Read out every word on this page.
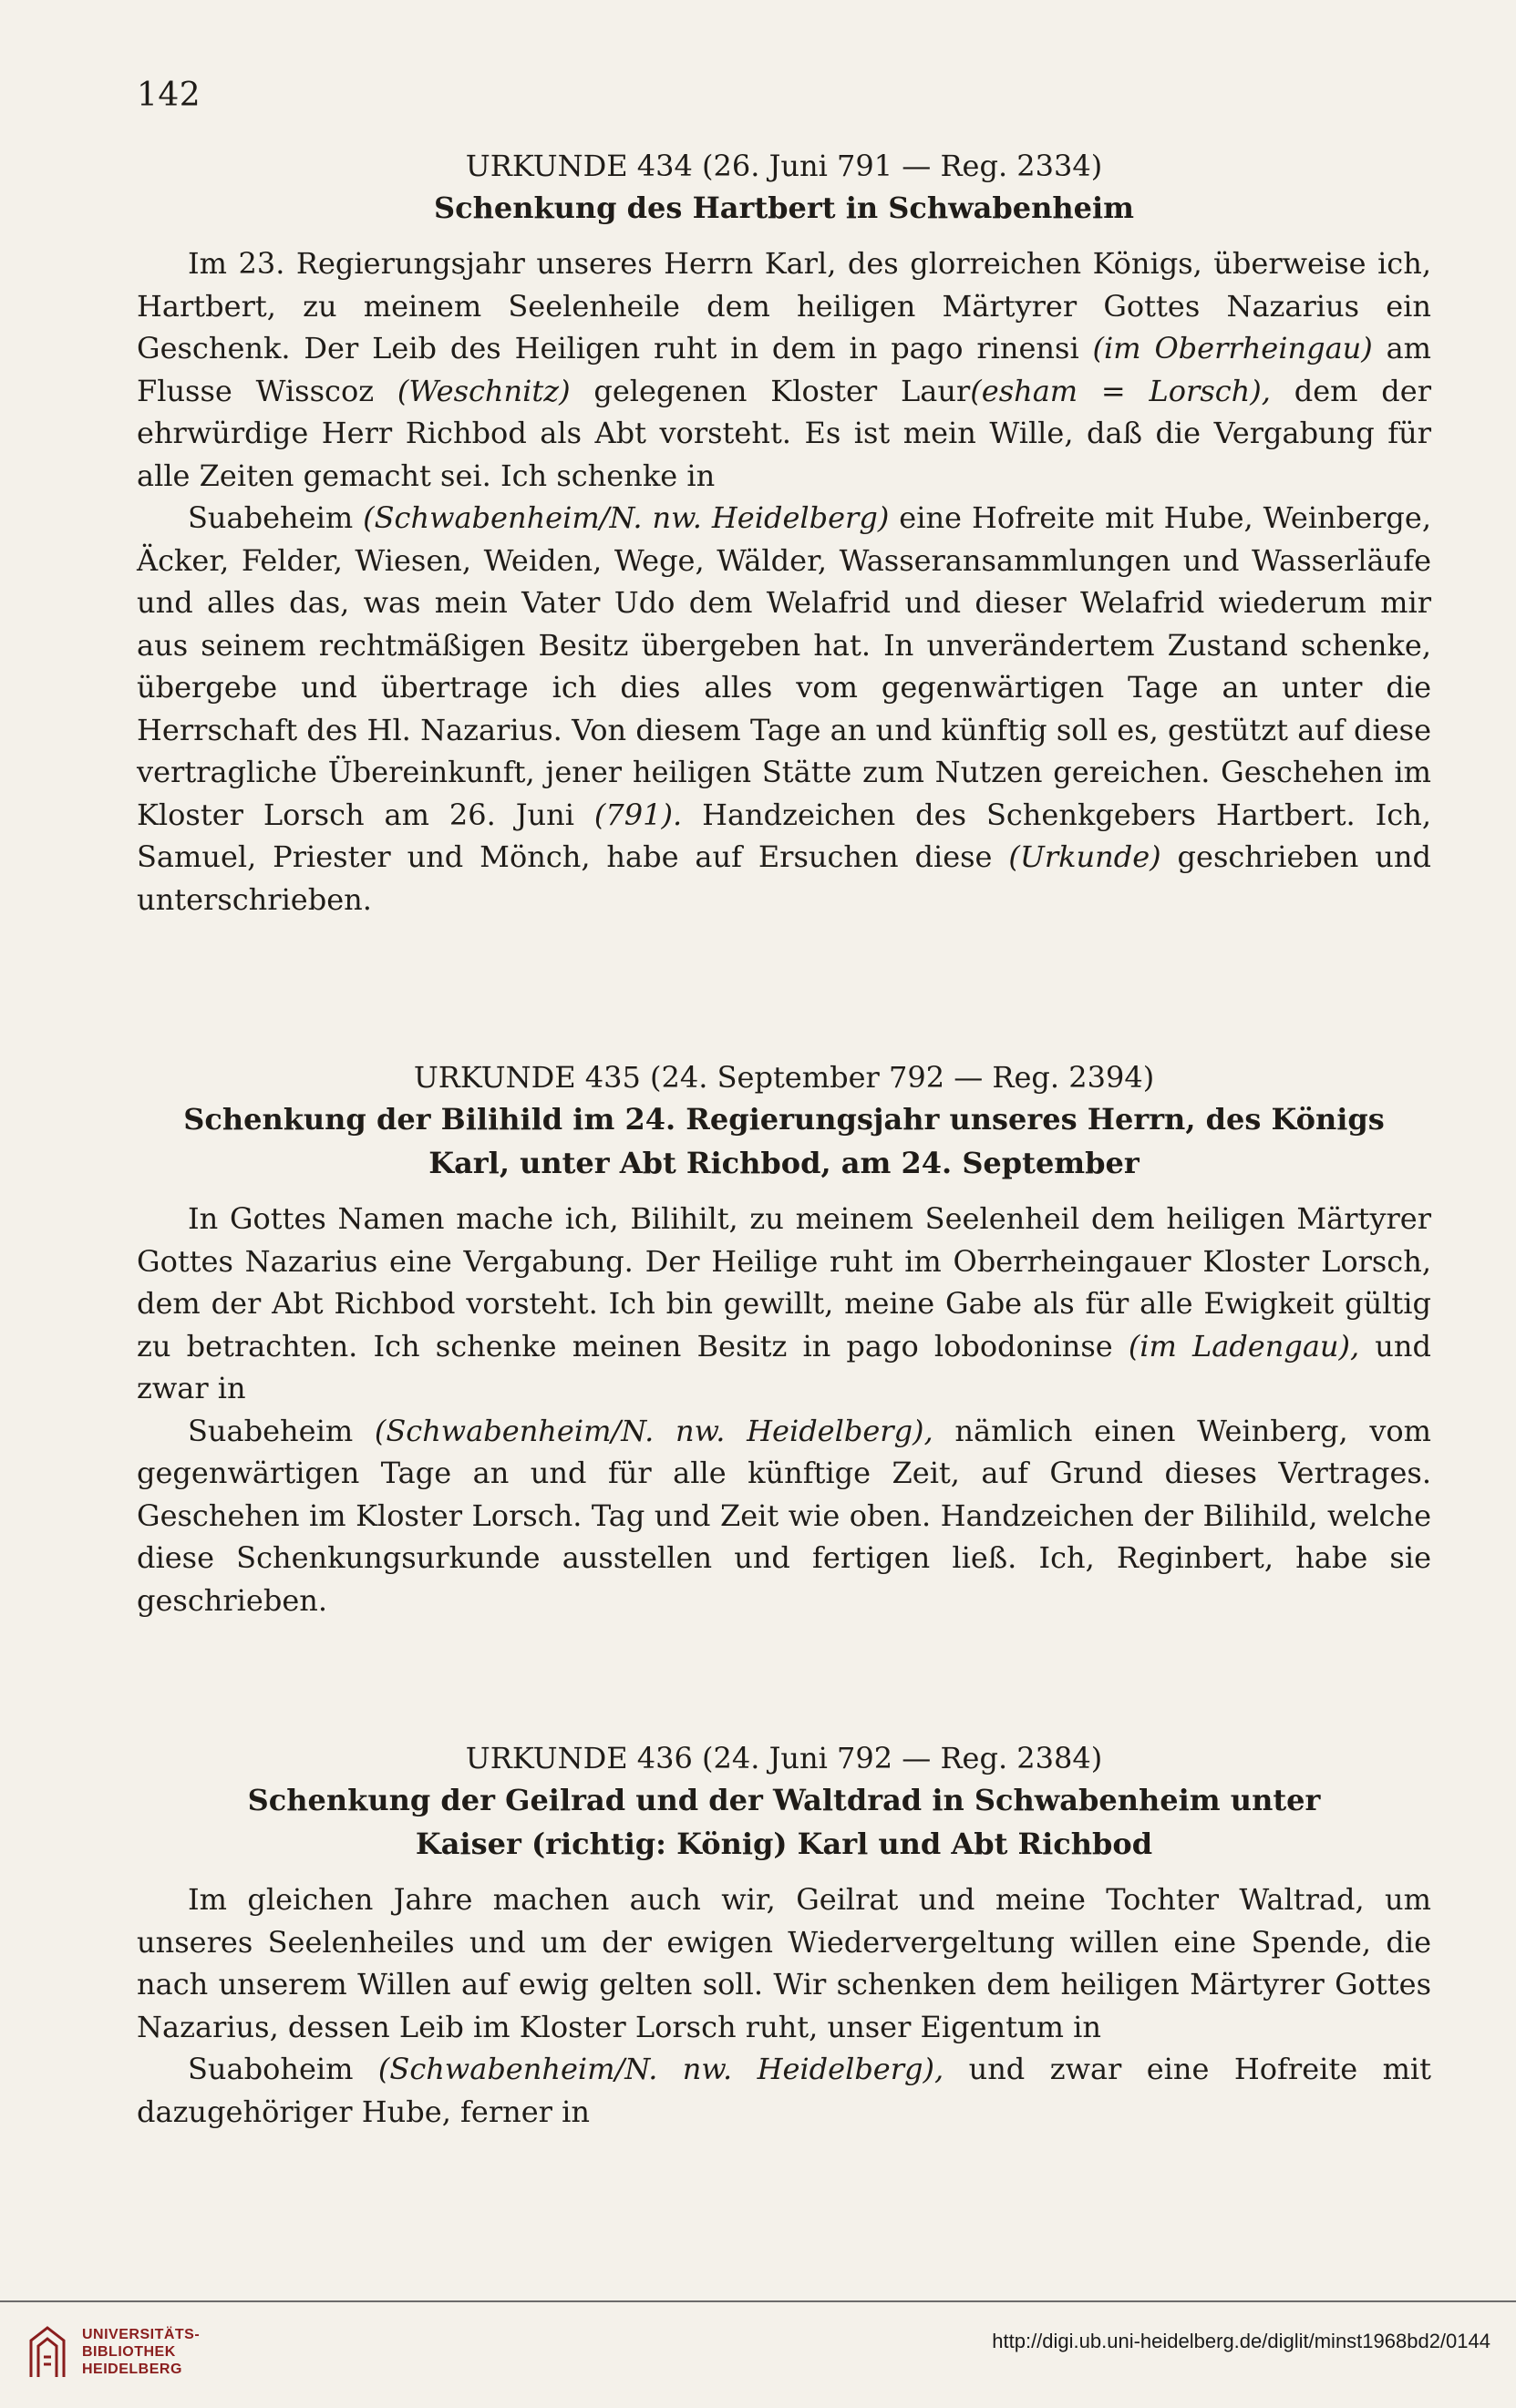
142

URKUNDE 434 (26. Juni 791 — Reg. 2334)

Schenkung des Hartbert in Schwabenheim

Im 23. Regierungsjahr unseres Herrn Karl, des glorreichen Königs, überweise ich, Hartbert, zu meinem Seelenheile dem heiligen Märtyrer Gottes Nazarius ein Geschenk. Der Leib des Heiligen ruht in dem in pago rinensi (im Oberrheingau) am Flusse Wisscoz (Weschnitz) gelegenen Kloster Laur(esham = Lorsch), dem der ehrwürdige Herr Richbod als Abt vorsteht. Es ist mein Wille, daß die Vergabung für alle Zeiten gemacht sei. Ich schenke in

Suabeheim (Schwabenheim/N. nw. Heidelberg) eine Hofreite mit Hube, Weinberge, Äcker, Felder, Wiesen, Weiden, Wege, Wälder, Wasseransammlungen und Wasserläufe und alles das, was mein Vater Udo dem Welafrid und dieser Welafrid wiederum mir aus seinem rechtmäßigen Besitz übergeben hat. In unverändertem Zustand schenke, übergebe und übertrage ich dies alles vom gegenwärtigen Tage an unter die Herrschaft des Hl. Nazarius. Von diesem Tage an und künftig soll es, gestützt auf diese vertragliche Übereinkunft, jener heiligen Stätte zum Nutzen gereichen. Geschehen im Kloster Lorsch am 26. Juni (791). Handzeichen des Schenkgebers Hartbert. Ich, Samuel, Priester und Mönch, habe auf Ersuchen diese (Urkunde) geschrieben und unterschrieben.

URKUNDE 435 (24. September 792 — Reg. 2394)

Schenkung der Bilihild im 24. Regierungsjahr unseres Herrn, des Königs
Karl, unter Abt Richbod, am 24. September

In Gottes Namen mache ich, Bilihilt, zu meinem Seelenheil dem heiligen Märtyrer Gottes Nazarius eine Vergabung. Der Heilige ruht im Oberrheingauer Kloster Lorsch, dem der Abt Richbod vorsteht. Ich bin gewillt, meine Gabe als für alle Ewigkeit gültig zu betrachten. Ich schenke meinen Besitz in pago lobodoninse (im Ladengau), und zwar in

Suabeheim (Schwabenheim/N. nw. Heidelberg), nämlich einen Weinberg, vom gegenwärtigen Tage an und für alle künftige Zeit, auf Grund dieses Vertrages. Geschehen im Kloster Lorsch. Tag und Zeit wie oben. Handzeichen der Bilihild, welche diese Schenkungsurkunde ausstellen und fertigen ließ. Ich, Reginbert, habe sie geschrieben.

URKUNDE 436 (24. Juni 792 — Reg. 2384)

Schenkung der Geilrad und der Waltdrad in Schwabenheim unter
Kaiser (richtig: König) Karl und Abt Richbod

Im gleichen Jahre machen auch wir, Geilrat und meine Tochter Waltrad, um unseres Seelenheiles und um der ewigen Wiedervergeltung willen eine Spende, die nach unserem Willen auf ewig gelten soll. Wir schenken dem heiligen Märtyrer Gottes Nazarius, dessen Leib im Kloster Lorsch ruht, unser Eigentum in

Suaboheim (Schwabenheim/N. nw. Heidelberg), und zwar eine Hofreite mit dazugehöriger Hube, ferner in

UNIVERSITÄTS-
BIBLIOTHEK
HEIDELBERG
http://digi.ub.uni-heidelberg.de/diglit/minst1968bd2/0144
